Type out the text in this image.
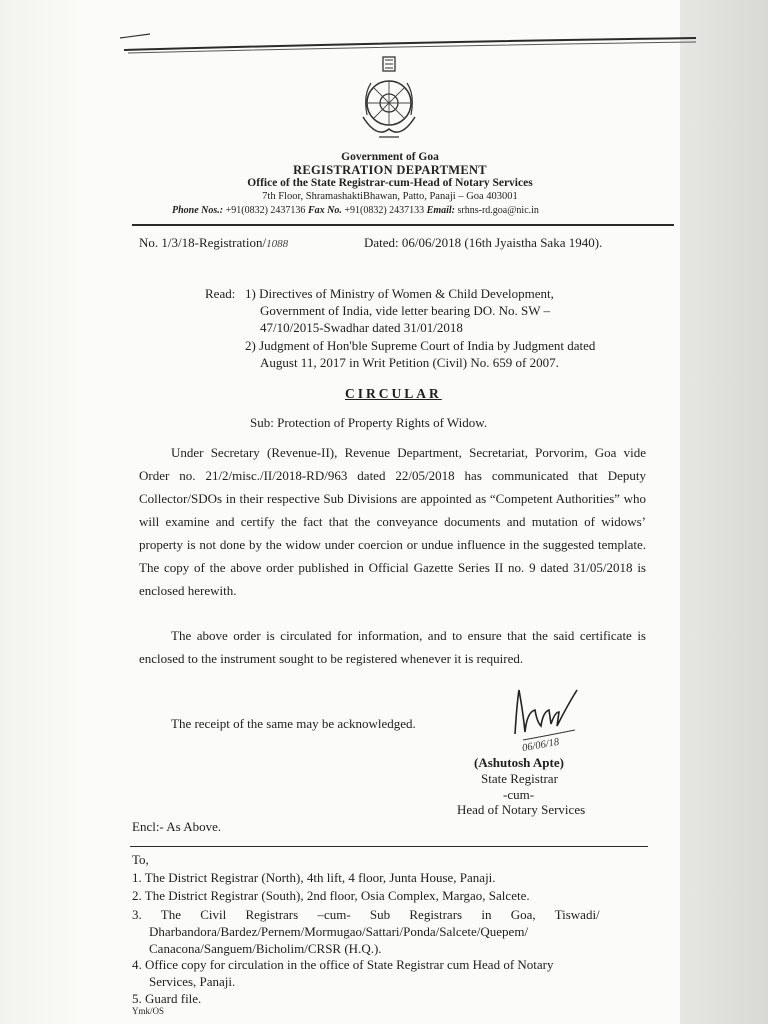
Government of Goa
REGISTRATION DEPARTMENT
Office of the State Registrar-cum-Head of Notary Services
7th Floor, ShramashaktiBhawan, Patto, Panaji – Goa 403001
Phone Nos.: +91(0832) 2437136 Fax No. +91(0832) 2437133 Email: srhns-rd.goa@nic.in
No. 1/3/18-Registration/1088	Dated: 06/06/2018 (16th Jyaistha Saka 1940).
Read: 1) Directives of Ministry of Women & Child Development,
Government of India, vide letter bearing DO. No. SW –
47/10/2015-Swadhar dated 31/01/2018
2) Judgment of Hon'ble Supreme Court of India by Judgment dated
August 11, 2017 in Writ Petition (Civil) No. 659 of 2007.
CIRCULAR
Sub: Protection of Property Rights of Widow.

Under Secretary (Revenue-II), Revenue Department, Secretariat, Porvorim, Goa vide Order no. 21/2/misc./II/2018-RD/963 dated 22/05/2018 has communicated that Deputy Collector/SDOs in their respective Sub Divisions are appointed as “Competent Authorities” who will examine and certify the fact that the conveyance documents and mutation of widows’ property is not done by the widow under coercion or undue influence in the suggested template. The copy of the above order published in Official Gazette Series II no. 9 dated 31/05/2018 is enclosed herewith.

The above order is circulated for information, and to ensure that the said certificate is enclosed to the instrument sought to be registered whenever it is required.

The receipt of the same may be acknowledged.
06/06/18
(Ashutosh Apte)
State Registrar
-cum-
Head of Notary Services
Encl:- As Above.
To,
1. The District Registrar (North), 4th lift, 4 floor, Junta House, Panaji.
2. The District Registrar (South), 2nd floor, Osia Complex, Margao, Salcete.
3. The Civil Registrars –cum- Sub Registrars in Goa, Tiswadi/
Dharbandora/Bardez/Pernem/Mormugao/Sattari/Ponda/Salcete/Quepem/
Canacona/Sanguem/Bicholim/CRSR (H.Q.).
4. Office copy for circulation in the office of State Registrar cum Head of Notary
Services, Panaji.
5. Guard file.
Ymk/OS
